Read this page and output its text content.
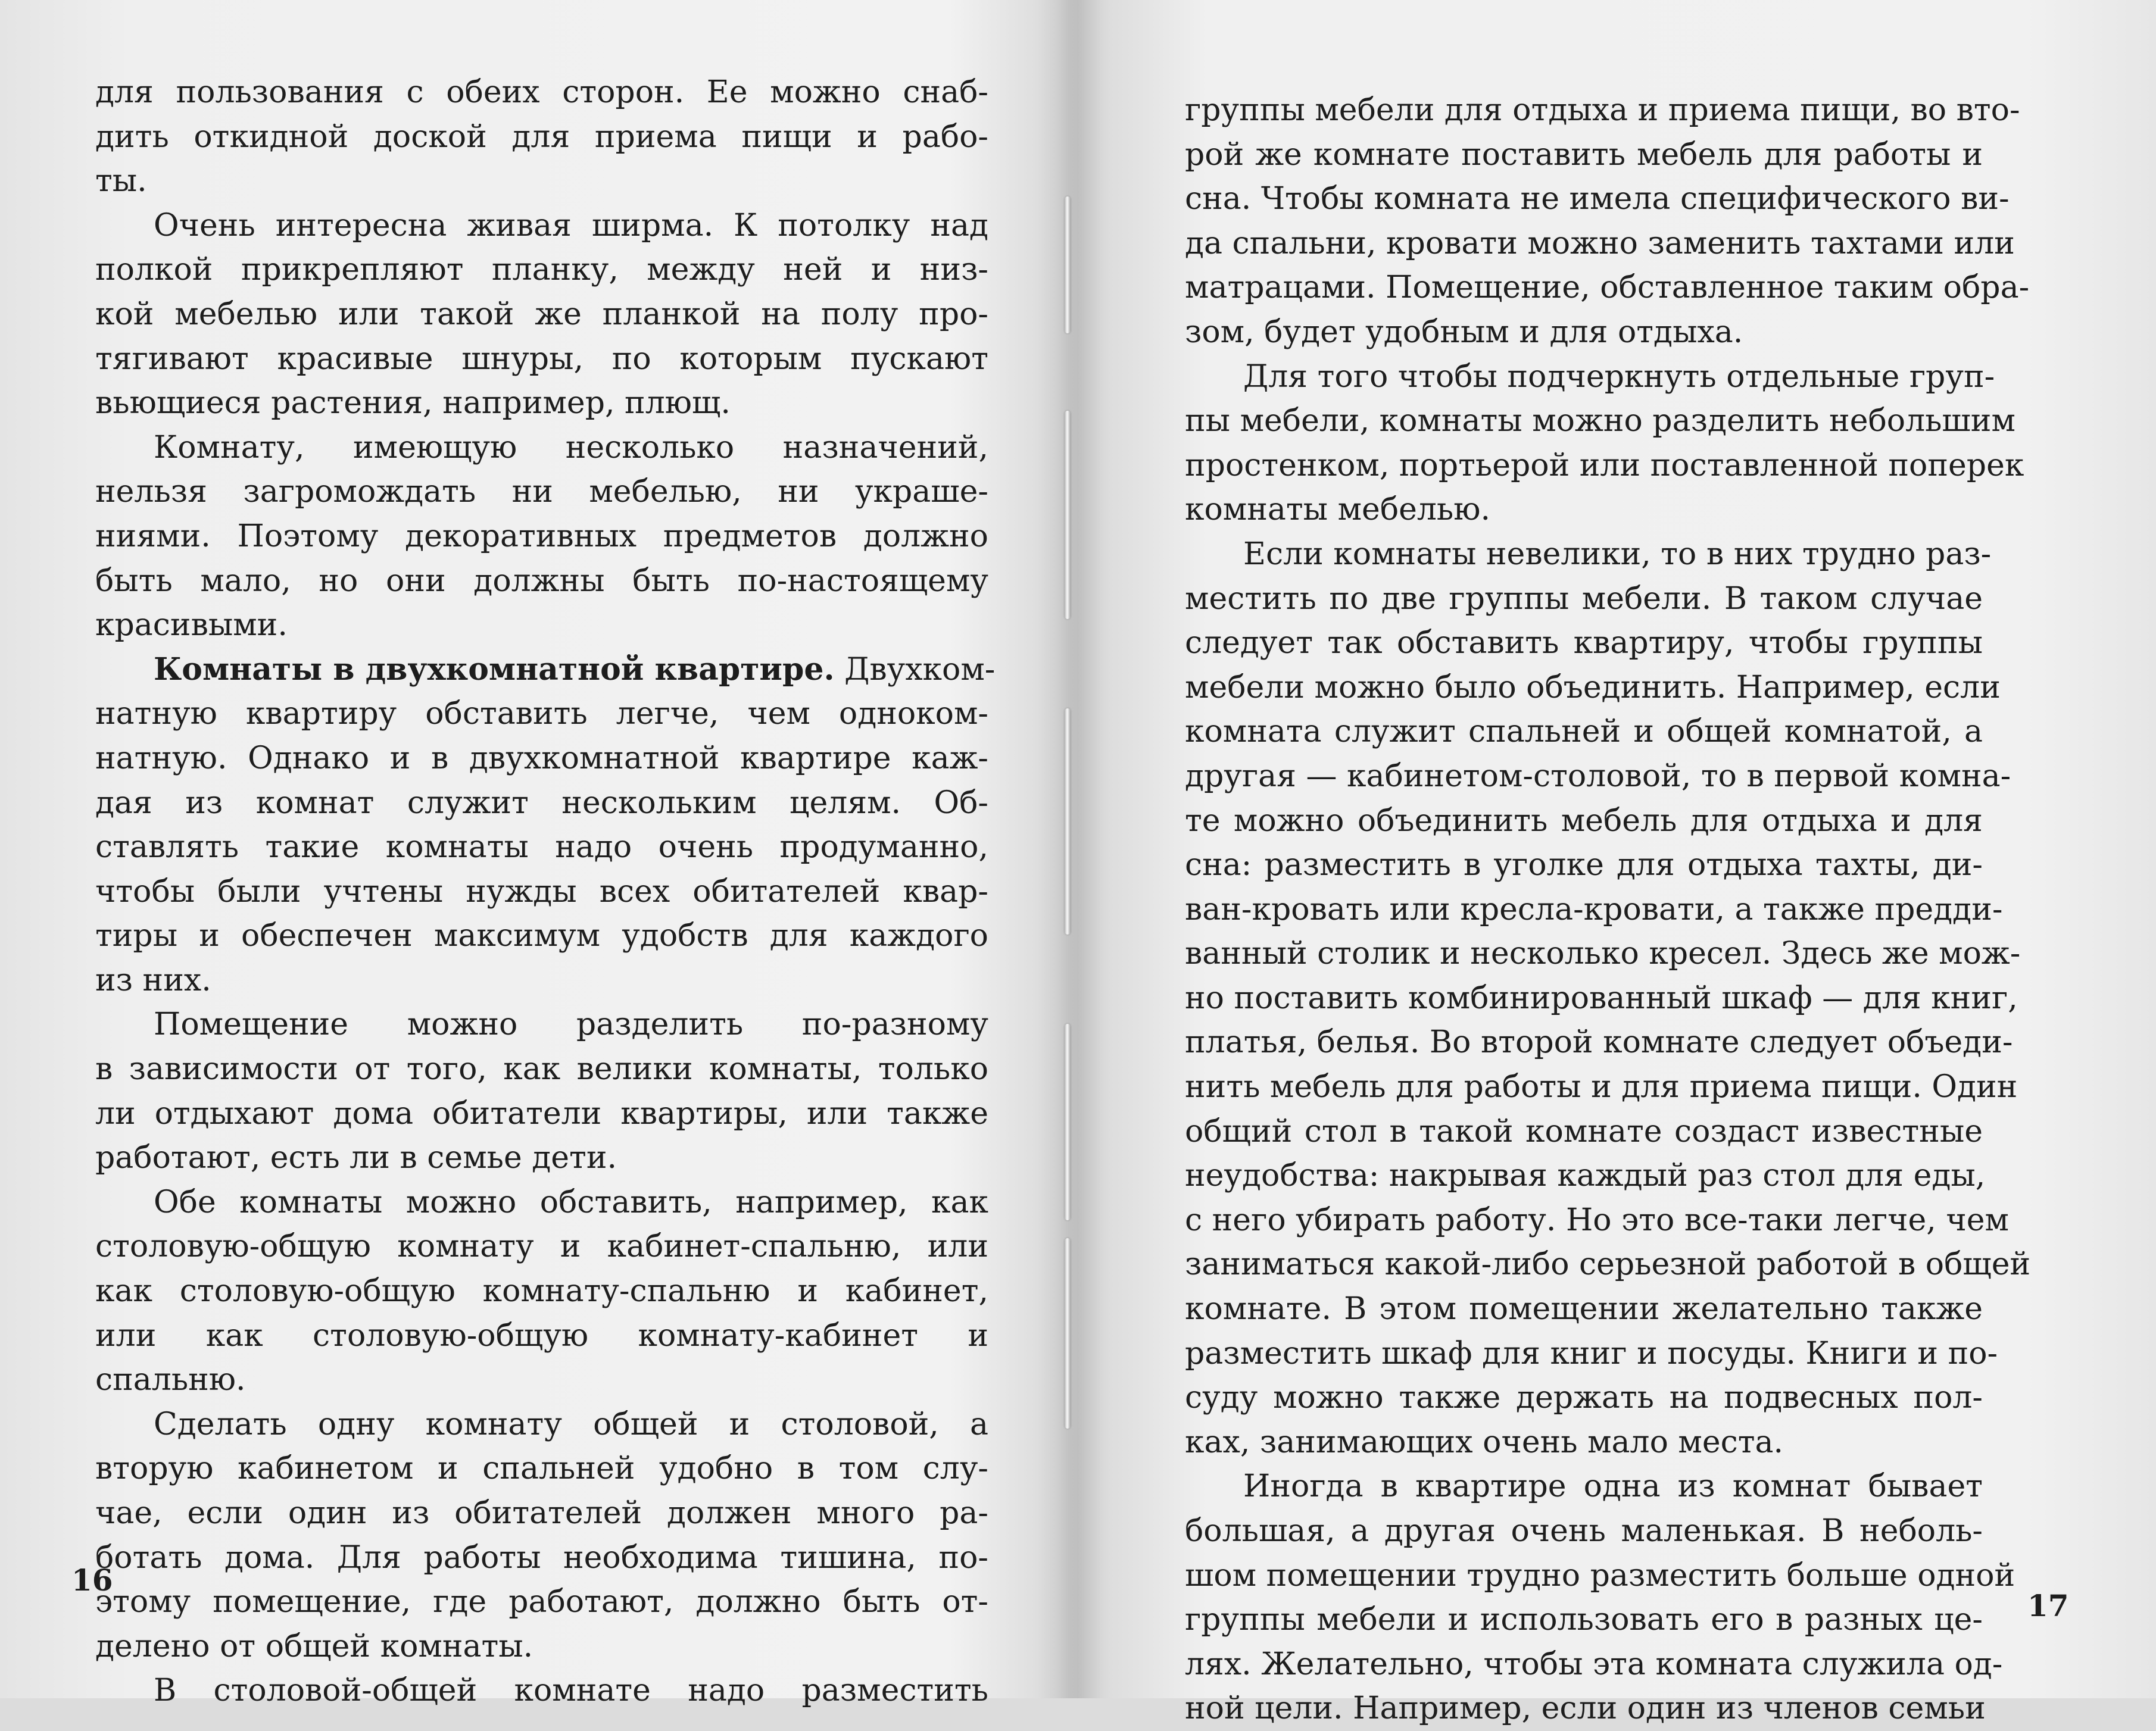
для пользования с обеих сторон. Ее можно снаб-
дить откидной доской для приема пищи и рабо-
ты.
Очень интересна живая ширма. К потолку над
полкой прикрепляют планку, между ней и низ-
кой мебелью или такой же планкой на полу про-
тягивают красивые шнуры, по которым пускают
вьющиеся растения, например, плющ.
Комнату, имеющую несколько назначений,
нельзя загромождать ни мебелью, ни украше-
ниями. Поэтому декоративных предметов должно
быть мало, но они должны быть по-настоящему
красивыми.
Комнаты в двухкомнатной квартире. Двухком-
натную квартиру обставить легче, чем одноком-
натную. Однако и в двухкомнатной квартире каж-
дая из комнат служит нескольким целям. Об-
ставлять такие комнаты надо очень продуманно,
чтобы были учтены нужды всех обитателей квар-
тиры и обеспечен максимум удобств для каждого
из них.
Помещение можно разделить по-разному
в зависимости от того, как велики комнаты, только
ли отдыхают дома обитатели квартиры, или также
работают, есть ли в семье дети.
Обе комнаты можно обставить, например, как
столовую-общую комнату и кабинет-спальню, или
как столовую-общую комнату-спальню и кабинет,
или как столовую-общую комнату-кабинет и
спальню.
Сделать одну комнату общей и столовой, а
вторую кабинетом и спальней удобно в том слу-
чае, если один из обитателей должен много ра-
ботать дома. Для работы необходима тишина, по-
этому помещение, где работают, должно быть от-
делено от общей комнаты.
В столовой-общей комнате надо разместить
16
группы мебели для отдыха и приема пищи, во вто-
рой же комнате поставить мебель для работы и
сна. Чтобы комната не имела специфического ви-
да спальни, кровати можно заменить тахтами или
матрацами. Помещение, обставленное таким обра-
зом, будет удобным и для отдыха.
Для того чтобы подчеркнуть отдельные груп-
пы мебели, комнаты можно разделить небольшим
простенком, портьерой или поставленной поперек
комнаты мебелью.
Если комнаты невелики, то в них трудно раз-
местить по две группы мебели. В таком случае
следует так обставить квартиру, чтобы группы
мебели можно было объединить. Например, если
комната служит спальней и общей комнатой, а
другая — кабинетом-столовой, то в первой комна-
те можно объединить мебель для отдыха и для
сна: разместить в уголке для отдыха тахты, ди-
ван-кровать или кресла-кровати, а также предди-
ванный столик и несколько кресел. Здесь же мож-
но поставить комбинированный шкаф — для книг,
платья, белья. Во второй комнате следует объеди-
нить мебель для работы и для приема пищи. Один
общий стол в такой комнате создаст известные
неудобства: накрывая каждый раз стол для еды,
с него убирать работу. Но это все-таки легче, чем
заниматься какой-либо серьезной работой в общей
комнате. В этом помещении желательно также
разместить шкаф для книг и посуды. Книги и по-
суду можно также держать на подвесных пол-
ках, занимающих очень мало места.
Иногда в квартире одна из комнат бывает
большая, а другая очень маленькая. В неболь-
шом помещении трудно разместить больше одной
группы мебели и использовать его в разных це-
лях. Желательно, чтобы эта комната служила од-
ной цели. Например, если один из членов семьи
17
